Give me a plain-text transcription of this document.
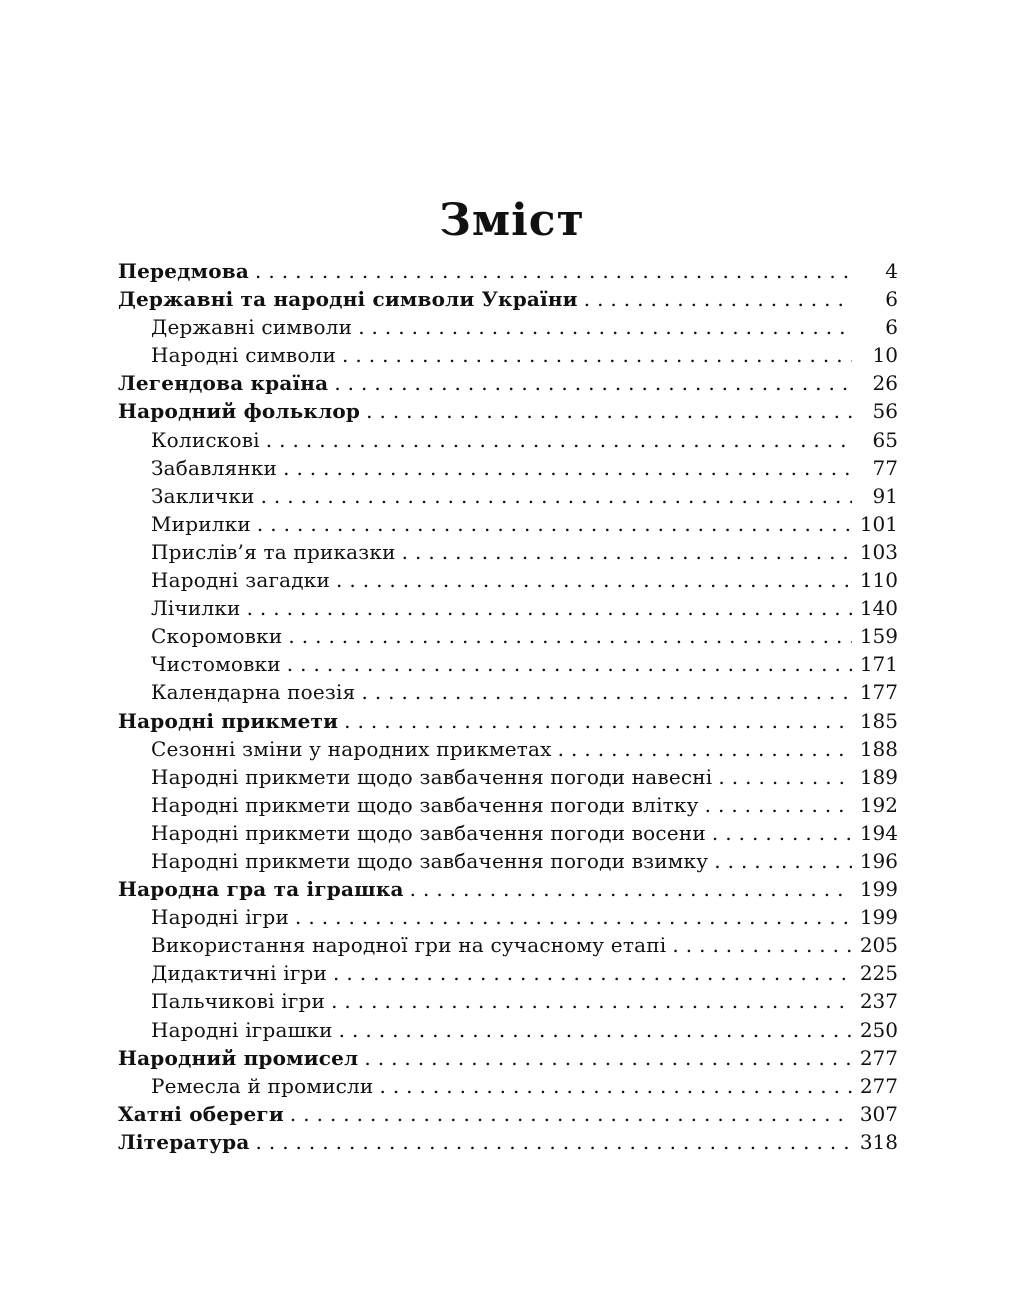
Зміст
Передмова .....	4
Державні та народні символи України .....	6
Державні символи .....	6
Народні символи .....	10
Легендова країна .....	26
Народний фольклор .....	56
Колискові .....	65
Забавлянки .....	77
Заклички .....	91
Мирилки .....	101
Прислів’я та приказки .....	103
Народні загадки .....	110
Лічилки .....	140
Скоромовки .....	159
Чистомовки .....	171
Календарна поезія .....	177
Народні прикмети .....	185
Сезонні зміни у народних прикметах .....	188
Народні прикмети щодо завбачення погоди навесні .....	189
Народні прикмети щодо завбачення погоди влітку .....	192
Народні прикмети щодо завбачення погоди восени .....	194
Народні прикмети щодо завбачення погоди взимку .....	196
Народна гра та іграшка .....	199
Народні ігри .....	199
Використання народної гри на сучасному етапі .....	205
Дидактичні ігри .....	225
Пальчикові ігри .....	237
Народні іграшки .....	250
Народний промисел .....	277
Ремесла й промисли .....	277
Хатні обереги .....	307
Література .....	318
